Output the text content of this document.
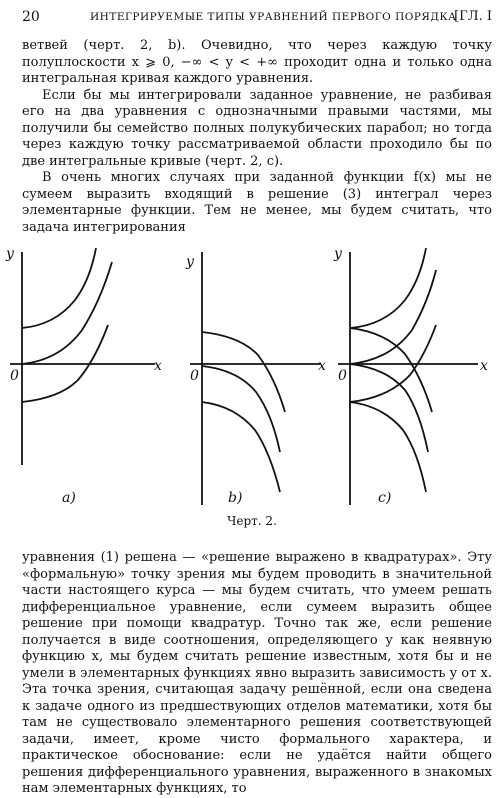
20	ИНТЕГРИРУЕМЫЕ ТИПЫ УРАВНЕНИЙ ПЕРВОГО ПОРЯДКА
[ГЛ. I

ветвей (черт. 2, b). Очевидно, что через каждую точку полуплоскости x ⩾ 0, −∞ < y < +∞ проходит одна и только одна интегральная кривая каждого уравнения.

Если бы мы интегрировали заданное уравнение, не разбивая его на два уравнения с однозначными правыми частями, мы получили бы семейство полных полукубических парабол; но тогда через каждую точку рассматриваемой области проходило бы по две интегральные кривые (черт. 2, c).

В очень многих случаях при заданной функции f(x) мы не сумеем выразить входящий в решение (3) интеграл через элементарные функции. Тем не менее, мы будем считать, что задача интегрирования

y
x
0
y
x
0
y
x
0
a)	b)	c)
Черт. 2.

уравнения (1) решена — «решение выражено в квадратурах». Эту «формальную» точку зрения мы будем проводить в значительной части настоящего курса — мы будем считать, что умеем решать дифференциальное уравнение, если сумеем выразить общее решение при помощи квадратур. Точно так же, если решение получается в виде соотношения, определяющего y как неявную функцию x, мы будем считать решение известным, хотя бы и не умели в элементарных функциях явно выразить зависимость y от x. Эта точка зрения, считающая задачу решённой, если она сведена к задаче одного из предшествующих отделов математики, хотя бы там не существовало элементарного решения соответствующей задачи, имеет, кроме чисто формального характера, и практическое обоснование: если не удаётся найти общего решения дифференциального уравнения, выраженного в знакомых нам элементарных функциях, то
